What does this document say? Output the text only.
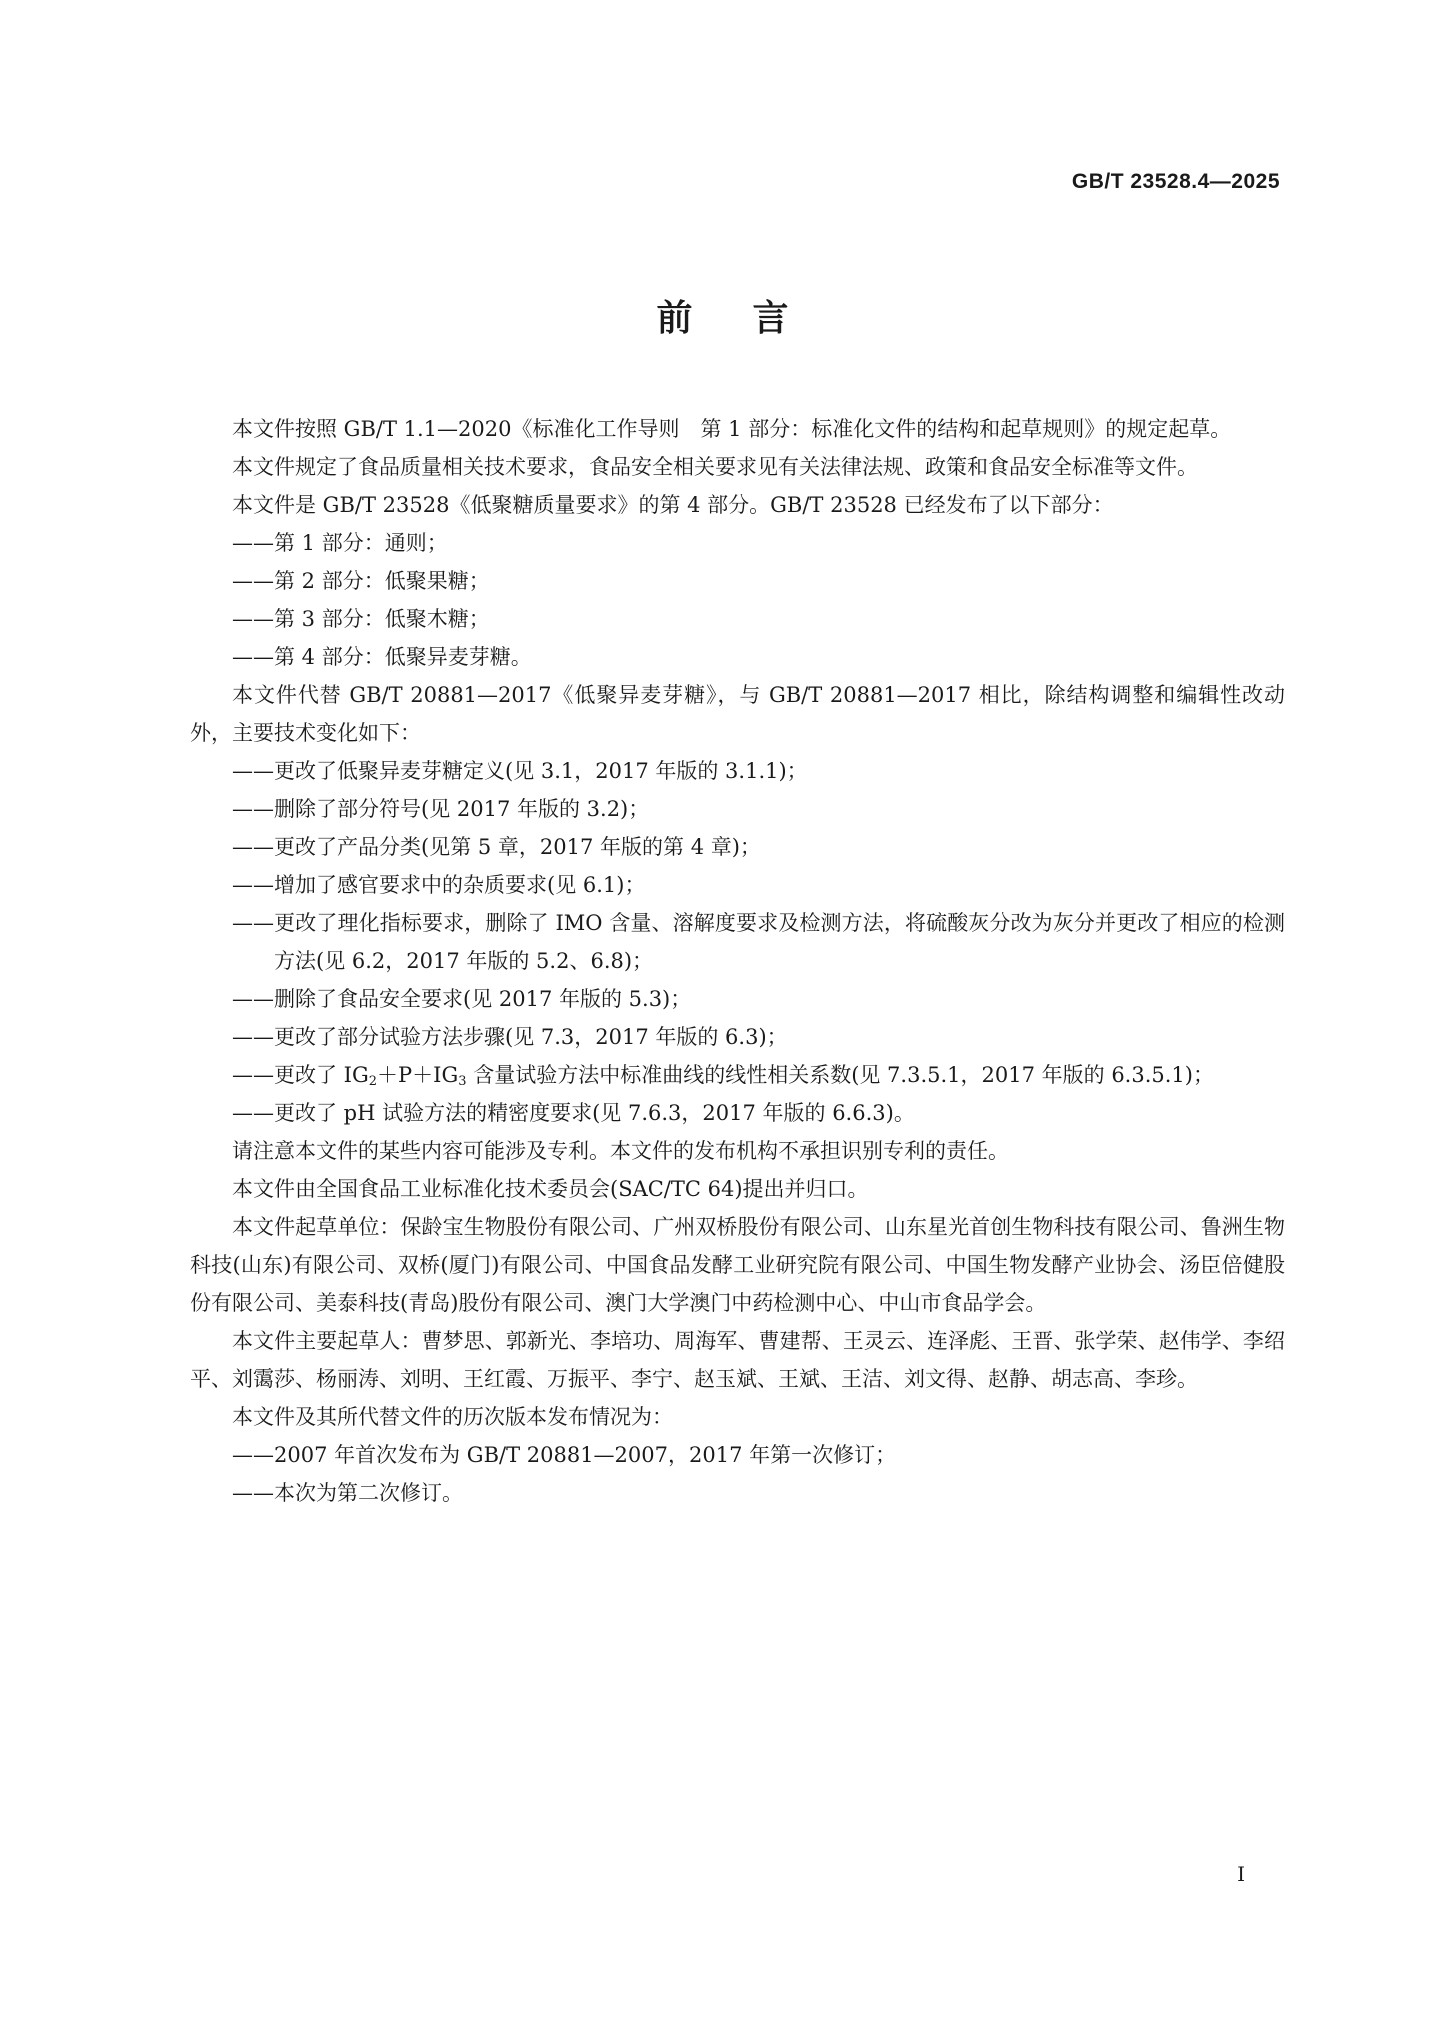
GB/T 23528.4—2025
前言

本文件按照 GB/T 1.1—2020《标准化工作导则　第 1 部分：标准化文件的结构和起草规则》的规定起草。

本文件规定了食品质量相关技术要求，食品安全相关要求见有关法律法规、政策和食品安全标准等文件。

本文件是 GB/T 23528《低聚糖质量要求》的第 4 部分。GB/T 23528 已经发布了以下部分：

——第 1 部分：通则；

——第 2 部分：低聚果糖；

——第 3 部分：低聚木糖；

——第 4 部分：低聚异麦芽糖。

本文件代替 GB/T 20881—2017《低聚异麦芽糖》，与 GB/T 20881—2017 相比，除结构调整和编辑性改动外，主要技术变化如下：

——更改了低聚异麦芽糖定义(见 3.1，2017 年版的 3.1.1)；

——删除了部分符号(见 2017 年版的 3.2)；

——更改了产品分类(见第 5 章，2017 年版的第 4 章)；

——增加了感官要求中的杂质要求(见 6.1)；

——更改了理化指标要求，删除了 IMO 含量、溶解度要求及检测方法，将硫酸灰分改为灰分并更改了相应的检测方法(见 6.2，2017 年版的 5.2、6.8)；

——删除了食品安全要求(见 2017 年版的 5.3)；

——更改了部分试验方法步骤(见 7.3，2017 年版的 6.3)；

——更改了 $IG_2+P+IG_3$ 含量试验方法中标准曲线的线性相关系数(见 7.3.5.1，2017 年版的 6.3.5.1)；

——更改了 pH 试验方法的精密度要求(见 7.6.3，2017 年版的 6.6.3)。

请注意本文件的某些内容可能涉及专利。本文件的发布机构不承担识别专利的责任。

本文件由全国食品工业标准化技术委员会(SAC/TC 64)提出并归口。

本文件起草单位：保龄宝生物股份有限公司、广州双桥股份有限公司、山东星光首创生物科技有限公司、鲁洲生物科技(山东)有限公司、双桥(厦门)有限公司、中国食品发酵工业研究院有限公司、中国生物发酵产业协会、汤臣倍健股份有限公司、美泰科技(青岛)股份有限公司、澳门大学澳门中药检测中心、中山市食品学会。

本文件主要起草人：曹梦思、郭新光、李培功、周海军、曹建帮、王灵云、连泽彪、王晋、张学荣、赵伟学、李绍平、刘霭莎、杨丽涛、刘明、王红霞、万振平、李宁、赵玉斌、王斌、王洁、刘文得、赵静、胡志高、李珍。

本文件及其所代替文件的历次版本发布情况为：

——2007 年首次发布为 GB/T 20881—2007，2017 年第一次修订；

——本次为第二次修订。

Ⅰ
